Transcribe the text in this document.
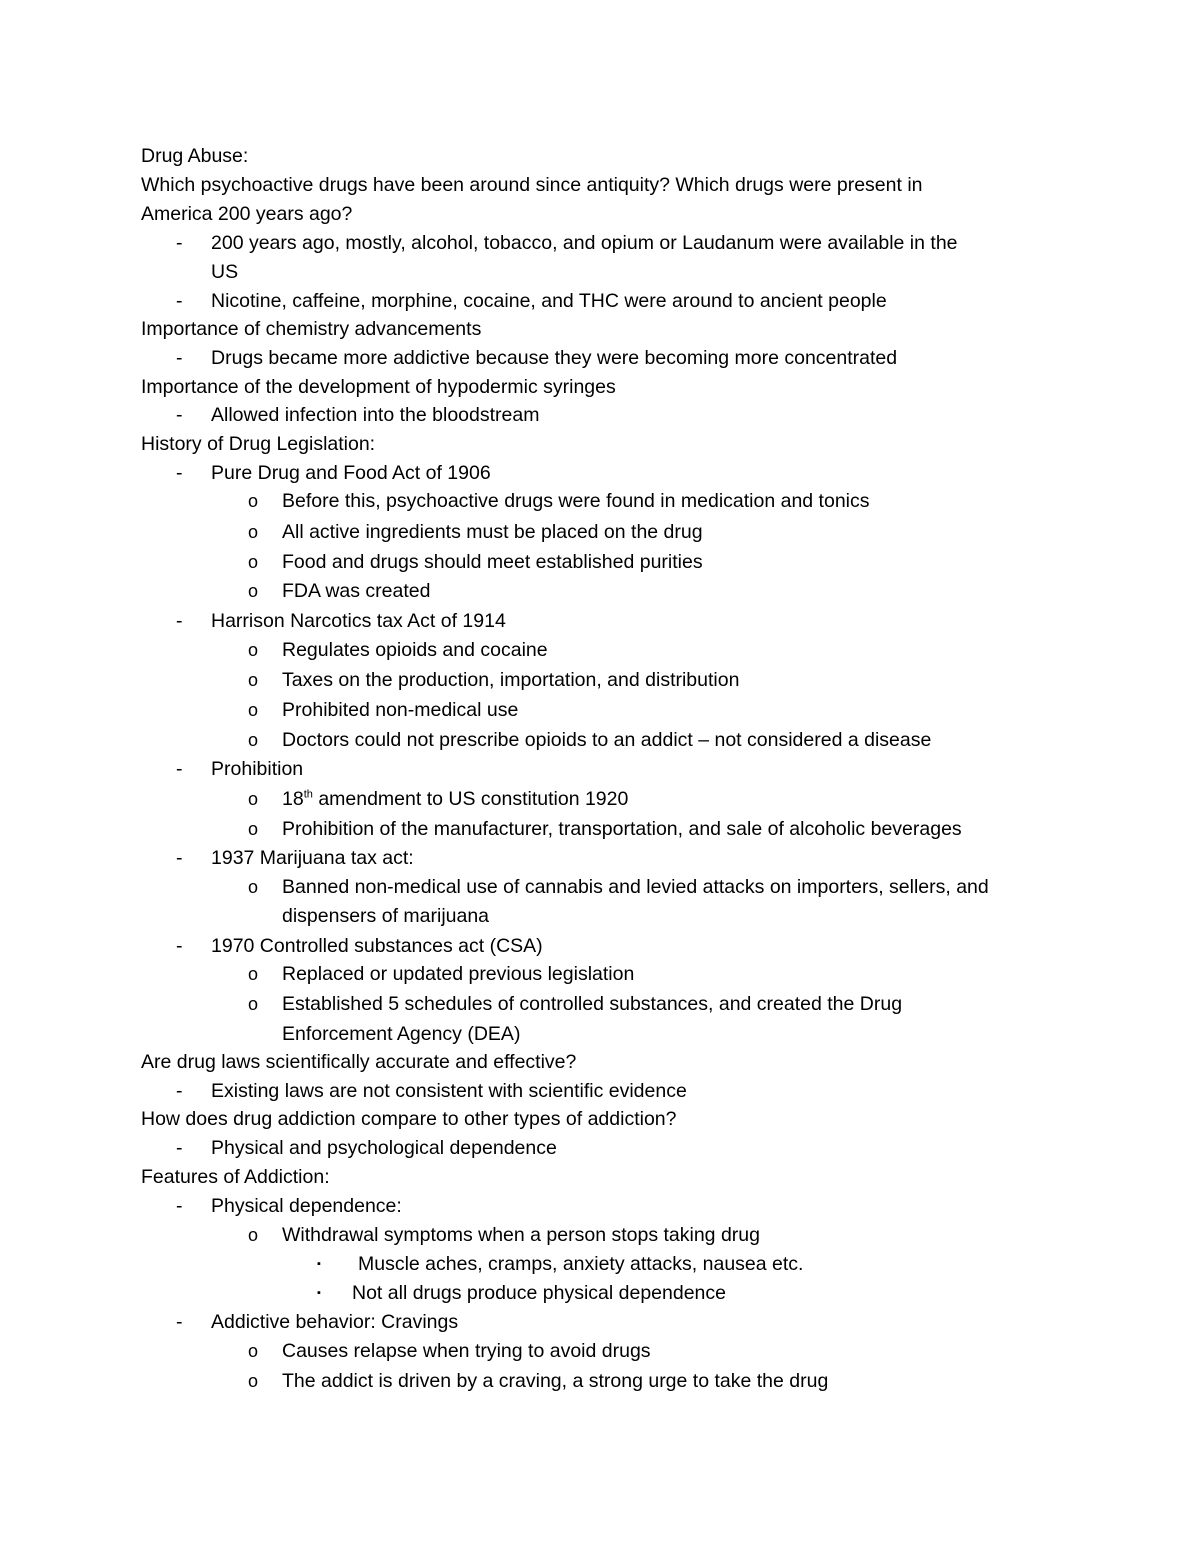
Drug Abuse:
Which psychoactive drugs have been around since antiquity? Which drugs were present in
America 200 years ago?
- 200 years ago, mostly, alcohol, tobacco, and opium or Laudanum were available in the
US
- Nicotine, caffeine, morphine, cocaine, and THC were around to ancient people
Importance of chemistry advancements
- Drugs became more addictive because they were becoming more concentrated
Importance of the development of hypodermic syringes
- Allowed infection into the bloodstream
History of Drug Legislation:
- Pure Drug and Food Act of 1906
o Before this, psychoactive drugs were found in medication and tonics
o All active ingredients must be placed on the drug
o Food and drugs should meet established purities
o FDA was created
- Harrison Narcotics tax Act of 1914
o Regulates opioids and cocaine
o Taxes on the production, importation, and distribution
o Prohibited non-medical use
o Doctors could not prescribe opioids to an addict – not considered a disease
- Prohibition
o 18th amendment to US constitution 1920
o Prohibition of the manufacturer, transportation, and sale of alcoholic beverages
- 1937 Marijuana tax act:
o Banned non-medical use of cannabis and levied attacks on importers, sellers, and
dispensers of marijuana
- 1970 Controlled substances act (CSA)
o Replaced or updated previous legislation
o Established 5 schedules of controlled substances, and created the Drug
Enforcement Agency (DEA)
Are drug laws scientifically accurate and effective?
- Existing laws are not consistent with scientific evidence
How does drug addiction compare to other types of addiction?
- Physical and psychological dependence
Features of Addiction:
- Physical dependence:
o Withdrawal symptoms when a person stops taking drug
▪ Muscle aches, cramps, anxiety attacks, nausea etc.
▪ Not all drugs produce physical dependence
- Addictive behavior: Cravings
o Causes relapse when trying to avoid drugs
o The addict is driven by a craving, a strong urge to take the drug
